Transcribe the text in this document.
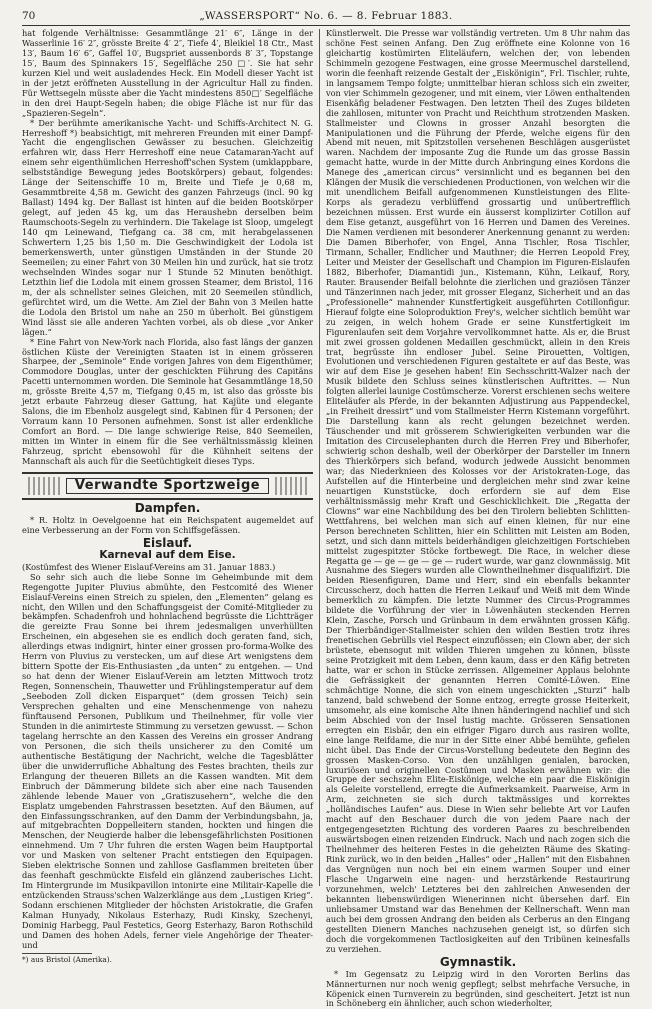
70	„WASSERSPORT“ No. 6. — 8. Februar 1883.

hat folgende Verhältnisse: Gesammtlänge 21′ 6″, Länge in der Wasserlinie 16′ 2″, grösste Breite 4′ 2″, Tiefe 4′, Bleikiel 18 Ctr., Mast 13′, Baum 16′ 6″, Gaffel 10′, Bugspriet aussenbords 8′ 3″, Topstange 15′, Baum des Spinnakers 15′, Segelfläche 250 □′. Sie hat sehr kurzen Kiel und weit ausladendes Heck. Ein Modell dieser Yacht ist in der jetzt eröffneten Ausstellung in der Agricultur Hall zu finden. Für Wettsegeln müsste aber die Yacht mindestens 850□′ Segelfläche in den drei Haupt-Segeln haben; die obige Fläche ist nur für das „Spazieren-Segeln“.

* Der berühmte amerikanische Yacht- und Schiffs-Architect N. G. Herreshoff *) beabsichtigt, mit mehreren Freunden mit einer Dampf-Yacht die engenglischen Gewässer zu besuchen. Gleichzeitig erfahren wir, dass Herr Herreshoff eine neue Catamaran-Yacht auf einem sehr eigenthümlichen Herreshoff'schen System (umklappbare, selbstständige Bewegung jedes Bootskörpers) gebaut, folgendes: Länge der Seitenschiffe 10 m, Breite und Tiefe je 0,68 m, Gesammtbreite 4,58 m. Gewicht des ganzen Fahrzeugs (incl. 90 kg Ballast) 1494 kg. Der Ballast ist hinten auf die beiden Bootskörper gelegt, auf jeden 45 kg, um das Heraushebn derselben beim Raumschoots-Segeln zu verhindern. Die Takelage ist Sloop, umgelegt 140 qm Leinewand, Tiefgang ca. 38 cm, mit herabgelassenen Schwertern 1,25 bis 1,50 m. Die Geschwindigkeit der Lodola ist bemerkenswerth, unter günstigen Umständen in der Stunde 20 Seemeilen; zu einer Fahrt von 30 Meilen hin und zurück, hat sie trotz wechselnden Windes sogar nur 1 Stunde 52 Minuten benöthigt. Letzthin lief die Lodola mit einem grossen Steamer, dem Bristol, 116 m, der als schnellster seines Gleichen, mit 20 Seemeilen stündlich, gefürchtet wird, um die Wette. Am Ziel der Bahn von 3 Meilen hatte die Lodola den Bristol um nahe an 250 m überholt. Bei günstigem Wind lässt sie alle anderen Yachten vorbei, als ob diese „vor Anker lägen.“

* Eine Fahrt von New-York nach Florida, also fast längs der ganzen östlichen Küste der Vereinigten Staaten ist in einem grösseren Sharpee, der „Seminole“ Ende vorigen Jahres von dem Eigenthümer, Commodore Douglas, unter der geschickten Führung des Capitäns Pacetti unternommen worden. Die Seminole hat Gesammtlänge 18,50 m, grösste Breite 4,57 m, Tiefgang 0,45 m, ist also das grösste bis jetzt erbaute Fahrzeug dieser Gattung, hat Kajüte und elegante Salons, die im Ebenholz ausgelegt sind, Kabinen für 4 Personen; der Vorraum kann 10 Personen aufnehmen. Sonst ist aller erdenkliche Comfort an Bord. — Die lange schwierige Reise, 840 Seemeilen, mitten im Winter in einem für die See verhältnissmässig kleinen Fahrzeug, spricht ebensowohl für die Kühnheit seitens der Mannschaft als auch für die Seetüchtigkeit dieses Typs.

Verwandte Sportzweige
Dampfen.

* R. Holtz in Oevelgoenne hat ein Reichspatent augemeldet auf eine Verbesserung an der Form von Schiffsgefässen.

Eislauf.
Karneval auf dem Eise.

(Kostümfest des Wiener Eislauf-Vereins am 31. Januar 1883.)

So sehr sich auch die liebe Sonne im Geheimbunde mit dem Regengotte Jupiter Pluvius abmühte, den Festcomité des Wiener Eislauf-Vereins einen Streich zu spielen, den „Elementen“ gelang es nicht, den Willen und den Schaffungsgeist der Comité-Mitglieder zu bekämpfen. Schadenfroh und hohnlachend begrüsste die Lichtträger die gereizte Frau Sonne bei ihrem jedesmaligen unverhüllten Erscheinen, ein abgesehen sie es endlich doch geraten fand, sich, allerdings etwas indignirt, hinter einer grossen pro-forma-Wolke des Herrn von Pluvius zu verstecken, um auf diese Art wenigstens dem bittern Spotte der Eis-Enthusiasten „da unten“ zu entgehen. — Und so hat denn der Wiener Eislauf-Verein am letzten Mittwoch trotz Regen, Sonnenschein, Thauwetter und Frühlingstemperatur auf dem „Seeboden Zoll dicken Eisparquet“ (dem grossen Teich) sein Versprechen gehalten und eine Menschenmenge von nahezu fünftausend Personen, Publikum und Theilnehmer, für volle vier Stunden in die animirteste Stimmung zu versetzen gewusst. — Schon tagelang herrschte an den Kassen des Vereins ein grosser Andrang von Personen, die sich theils unsicherer zu den Comité um authentische Bestätigung der Nachricht, welche die Tagesblätter über die unwiderrufliche Abhaltung des Festes brachten, theils zur Erlangung der theueren Billets an die Kassen wandten. Mit dem Einbruch der Dämmerung bildete sich aber eine nach Tausenden zählende lebende Mauer von „Gratiszusehern“, welche die den Eisplatz umgebenden Fahrstrassen besetzten. Auf den Bäumen, auf den Einfassungsschranken, auf den Damm der Verbindungsbahn, ja, auf mitgebrachten Doppelleitern standen, hockten und hingen die Menschen, der Neugierde halber die lebensgefährlichsten Positionen einnehmend. Um 7 Uhr fuhren die ersten Wagen beim Hauptportal vor und Masken von seltener Pracht entstiegen den Equipagen. Sieben elektrische Sonnen und zahllose Gasflammen breiteten über das feenhaft geschmückte Eisfeld ein glänzend zauberisches Licht. Im Hintergrunde im Musikpavillon intonirte eine Militair-Kapelle die entzückenden Strauss'schen Walzerklänge aus dem „Lustigen Krieg“. Sodann erschienen Mitglieder der höchsten Aristokratie, die Grafen Kalman Hunyady, Nikolaus Esterhazy, Rudi Kinsky, Szechenyi, Dominig Harbegg, Paul Festetics, Georg Esterhazy, Baron Rothschild und Damen des hohen Adels, ferner viele Angehörige der Theater- und

*) aus Bristol (Amerika).

Künstlerwelt. Die Presse war vollständig vertreten. Um 8 Uhr nahm das schöne Fest seinen Anfang. Den Zug eröffnete eine Kolonne von 16 gleichartig kostümirten Eliteläufern, welchen der, von lebenden Schimmeln gezogene Festwagen, eine grosse Meermuschel darstellend, worin die feenhaft reizende Gestalt der „Eiskönigin“, Frl. Tischler, ruhte, in langsamem Tempo folgte; unmittelbar hieran schloss sich ein zweiter, von vier Schimmeln gezogener, und mit einem, vier Löwen enthaltenden Eisenkäfig beladener Festwagen. Den letzten Theil des Zuges bildeten die zahllosen, mitunter von Pracht und Reichthum strotzenden Masken. Stallmeister und Clowns in grosser Anzahl besorgten die Manipulationen und die Führung der Pferde, welche eigens für den Abend mit neuen, mit Spitzstollen versehenen Beschlägen ausgerüstet waren. Nachdem der imposante Zug die Runde um das grosse Bassin gemacht hatte, wurde in der Mitte durch Anbringung eines Kordons die Manege des „american circus“ versinnlicht und es begannen bei den Klängen der Musik die verschiedenen Productionen, von welchen wir die mit unendlichem Beifall aufgenommenen Kunstleistungen des Elite-Korps als geradezu verblüffend grossartig und unübertrefflich bezeichnen müssen. Erst wurde ein äusserst komplizirter Cotillon auf dem Eise getanzt, ausgeführt von 16 Herren und Damen des Vereines. Die Namen verdienen mit besonderer Anerkennung genannt zu werden: Die Damen Biberhofer, von Engel, Anna Tischler, Rosa Tischler, Tirmann, Schaller, Endlicher und Mauthner; die Herren Leopold Frey, Leiter und Meister der Gesellschaft und Champion im Figuren-Eislaufen 1882, Biberhofer, Diamantidi jun., Kistemann, Kühn, Leikauf, Rory, Rauter. Brausender Beifall belohnte die zierlichen und graziösen Tänzer und Tänzerinnen nach jeder, mit grosser Eleganz, Sicherheit und an das „Professionelle“ mahnender Kunstfertigkeit ausgeführten Cotillonfigur. Hierauf folgte eine Soloproduktion Frey's, welcher sichtlich bemüht war zu zeigen, in welch hohem Grade er seine Kunstfertigkeit im Figurenlaufen seit dem Vorjahre vervollkommnet hatte. Als er, die Brust mit zwei grossen goldenen Medaillen geschmückt, allein in den Kreis trat, begrüsste ihn endloser Jubel. Seine Pirouetten, Voltigen, Evolutionen und verschiedenen Figuren gestaltete er auf das Beste, was wir auf dem Eise je gesehen haben! Ein Sechsschritt-Walzer nach der Musik bildete den Schluss seines künstlerischen Auftrittes. — Nun folgten allerlei launige Costümscherze. Vorerst erschienen sechs weitere Eliteläufer als Pferde, in der bekannten Adjustirung aus Pappendeckel, „in Freiheit dressirt“ und vom Stallmeister Herrn Kistemann vorgeführt. Die Darstellung kann als recht gelungen bezeichnet werden. Täuschender und mit grösserem Schwierigkeiten verbunden war die Imitation des Circuselephanten durch die Herren Frey und Biberhofer, schwierig schon deshalb, weil der Oberkörper der Darsteller im Innern des Thierkörpers sich befand, wodurch jedwede Aussicht benommen war; das Niederknieen des Kolosses vor der Aristokraten-Loge, das Aufstellen auf die Hinterbeine und dergleichen mehr sind zwar keine neuartigen Kunststücke, doch erfordern sie auf dem Eise verhältnissmässig mehr Kraft und Geschicklichkeit. Die „Regatta der Clowns“ war eine Nachbildung des bei den Tirolern beliebten Schlitten-Wettfahrens, bei welchen man sich auf einen kleinen, für nur eine Person berechneten Schlitten, hier ein Schlitten mit Leisten am Boden, setzt, und sich dann mittels beiderhändigen gleichzeitigen Fortschieben mittelst zugespitzter Stöcke fortbewegt. Die Race, in welcher diese Regatta ge — ge — ge — ge — rudert wurde, war ganz clownmässig. Mit Ausnahme des Siegers wurden alle Clowntheilnehmer disqualifizirt. Die beiden Riesenfiguren, Dame und Herr, sind ein ebenfalls bekannter Circusscherz, doch hatten die Herren Leikauf und Weiß mit dem Winde bemerklich zu kämpfen. Die letzte Nummer des Circus-Programmes bildete die Vorführung der vier in Löwenhäuten steckenden Herren Klein, Zasche, Porsch und Grünbaum in dem erwähnten grossen Käfig. Der Thierbändiger-Stallmeister schien den wilden Bestien trotz ihres frenetischen Gebrülls viel Respect einzuflössen; ein Clown aber, der sich brüstete, ebensogut mit wilden Thieren umgehen zu können, büsste seine Protzigkeit mit dem Leben, denn kaum, dass er den Käfig betreten hatte, war er schon in Stücke zerrissen. Allgemeiner Applaus belohnte die Gefrässigkeit der genannten Herren Comité-Löwen. Eine schmächtige Nonne, die sich von einem ungeschickten „Sturzi“ halb tanzend, bald schwebend der Sonne entzog, erregte grosse Heiterkeit, umsomehr, als eine komische Alte ihnen händeringend nachlief und sich beim Abschied von der Insel lustig machte. Grösseren Sensationen erregten ein Eisbär, den ein eifriger Figaro durch aus rasiren wollte, eine lange Reifdame, die nur in der Sitte einer Abbé bemühte, gefielen nicht übel. Das Ende der Circus-Vorstellung bedeutete den Beginn des grossen Masken-Corso. Von den unzähligen genialen, barocken, luxuriösen und originellen Costümen und Masken erwähnen wir: die Gruppe der sechszehn Elite-Eiskönige, welche ein paar die Eiskönigin als Geleite vorstellend, erregte die Aufmerksamkeit. Paarweise, Arm in Arm, zeichneten sie sich durch taktmässiges und korrektes „holländisches Laufen“ aus. Diese in Wien sehr beliebte Art vor Laufen macht auf den Beschauer durch die von jedem Paare nach der entgegengesetzten Richtung des vorderen Paares zu beschreibenden auswärtsbogen einen reizenden Eindruck. Nach und nach zogen sich die Theilnehmer des heiteren Festes in die geheizten Räume des Skating-Rink zurück, wo in den beiden „Halles“ oder „Hallen“ mit den Eisbahnen das Vergnügen nun noch bei ein einem warmen Souper und einer Flasche Ungarwein eine nagen- und herzstärkende Restaurirung vorzunehmen, welch' Letzteres bei den zahlreichen Anwesenden der bekannten liebenswürdigen Wienerinnen nicht übersehen darf. Ein unliebsamer Umstand war das Benehmen der Kellnerschaft. Wenn man auch bei dem grossen Andrang den beiden als Cerberus an den Eingang gestellten Dienern Manches nachzusehen geneigt ist, so dürfen sich doch die vorgekommenen Tactlosigkeiten auf den Tribünen keinesfalls zu verziehen.

Gymnastik.

* Im Gegensatz zu Leipzig wird in den Vororten Berlins das Männerturnen nur noch wenig gepflegt; selbst mehrfache Versuche, in Köpenick einen Turnverein zu begründen, sind gescheitert. Jetzt ist nun in Schöneberg ein ähnlicher, auch schon wiederholter,
